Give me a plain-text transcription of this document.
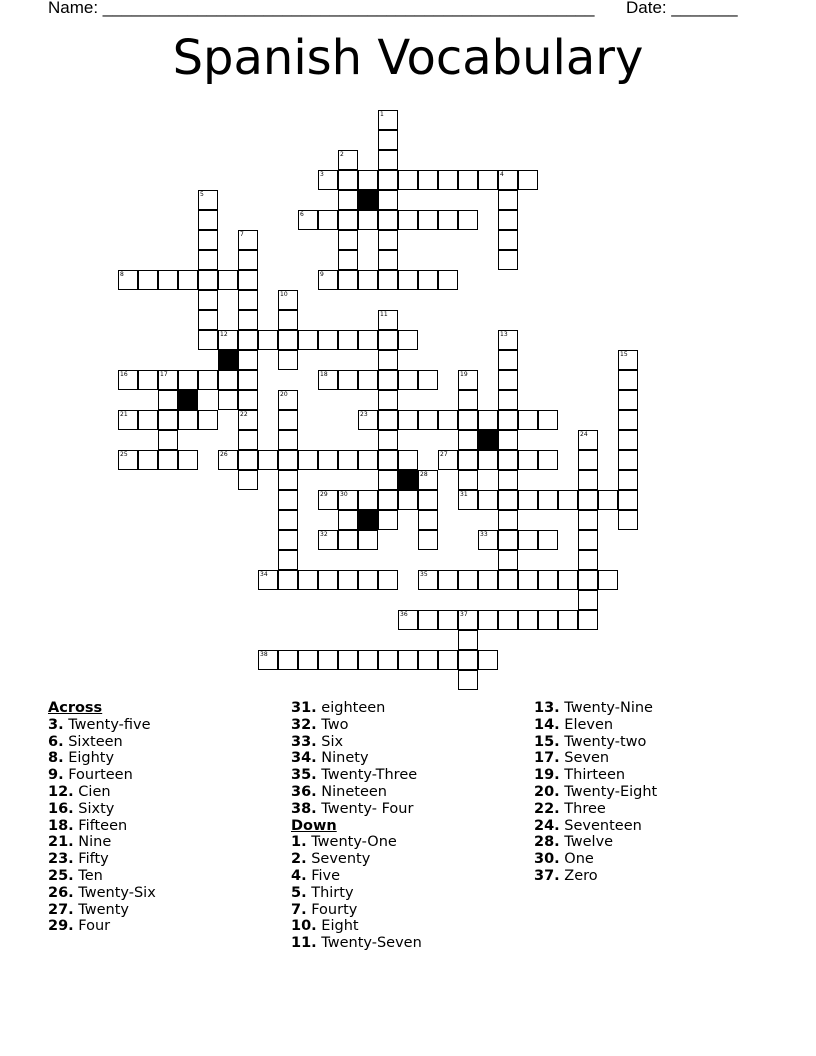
Name: ____________________________________________________ Date: _______
Spanish Vocabulary
3	4
6
8	9
12
16	17	18
21	23
25	26	27
29 30	31
32	33
34	35
36	37
38
1
2
5
7
22
10
11
13
14	15
19
20
24
28
Across
3. Twenty-five
6. Sixteen
8. Eighty
9. Fourteen
12. Cien
16. Sixty
18. Fifteen
21. Nine
23. Fifty
25. Ten
26. Twenty-Six
27. Twenty
29. Four
31. eighteen
32. Two
33. Six
34. Ninety
35. Twenty-Three
36. Nineteen
38. Twenty- Four
Down
1. Twenty-One
2. Seventy
4. Five
5. Thirty
7. Fourty
10. Eight
11. Twenty-Seven
13. Twenty-Nine
14. Eleven
15. Twenty-two
17. Seven
19. Thirteen
20. Twenty-Eight
22. Three
24. Seventeen
28. Twelve
30. One
37. Zero
